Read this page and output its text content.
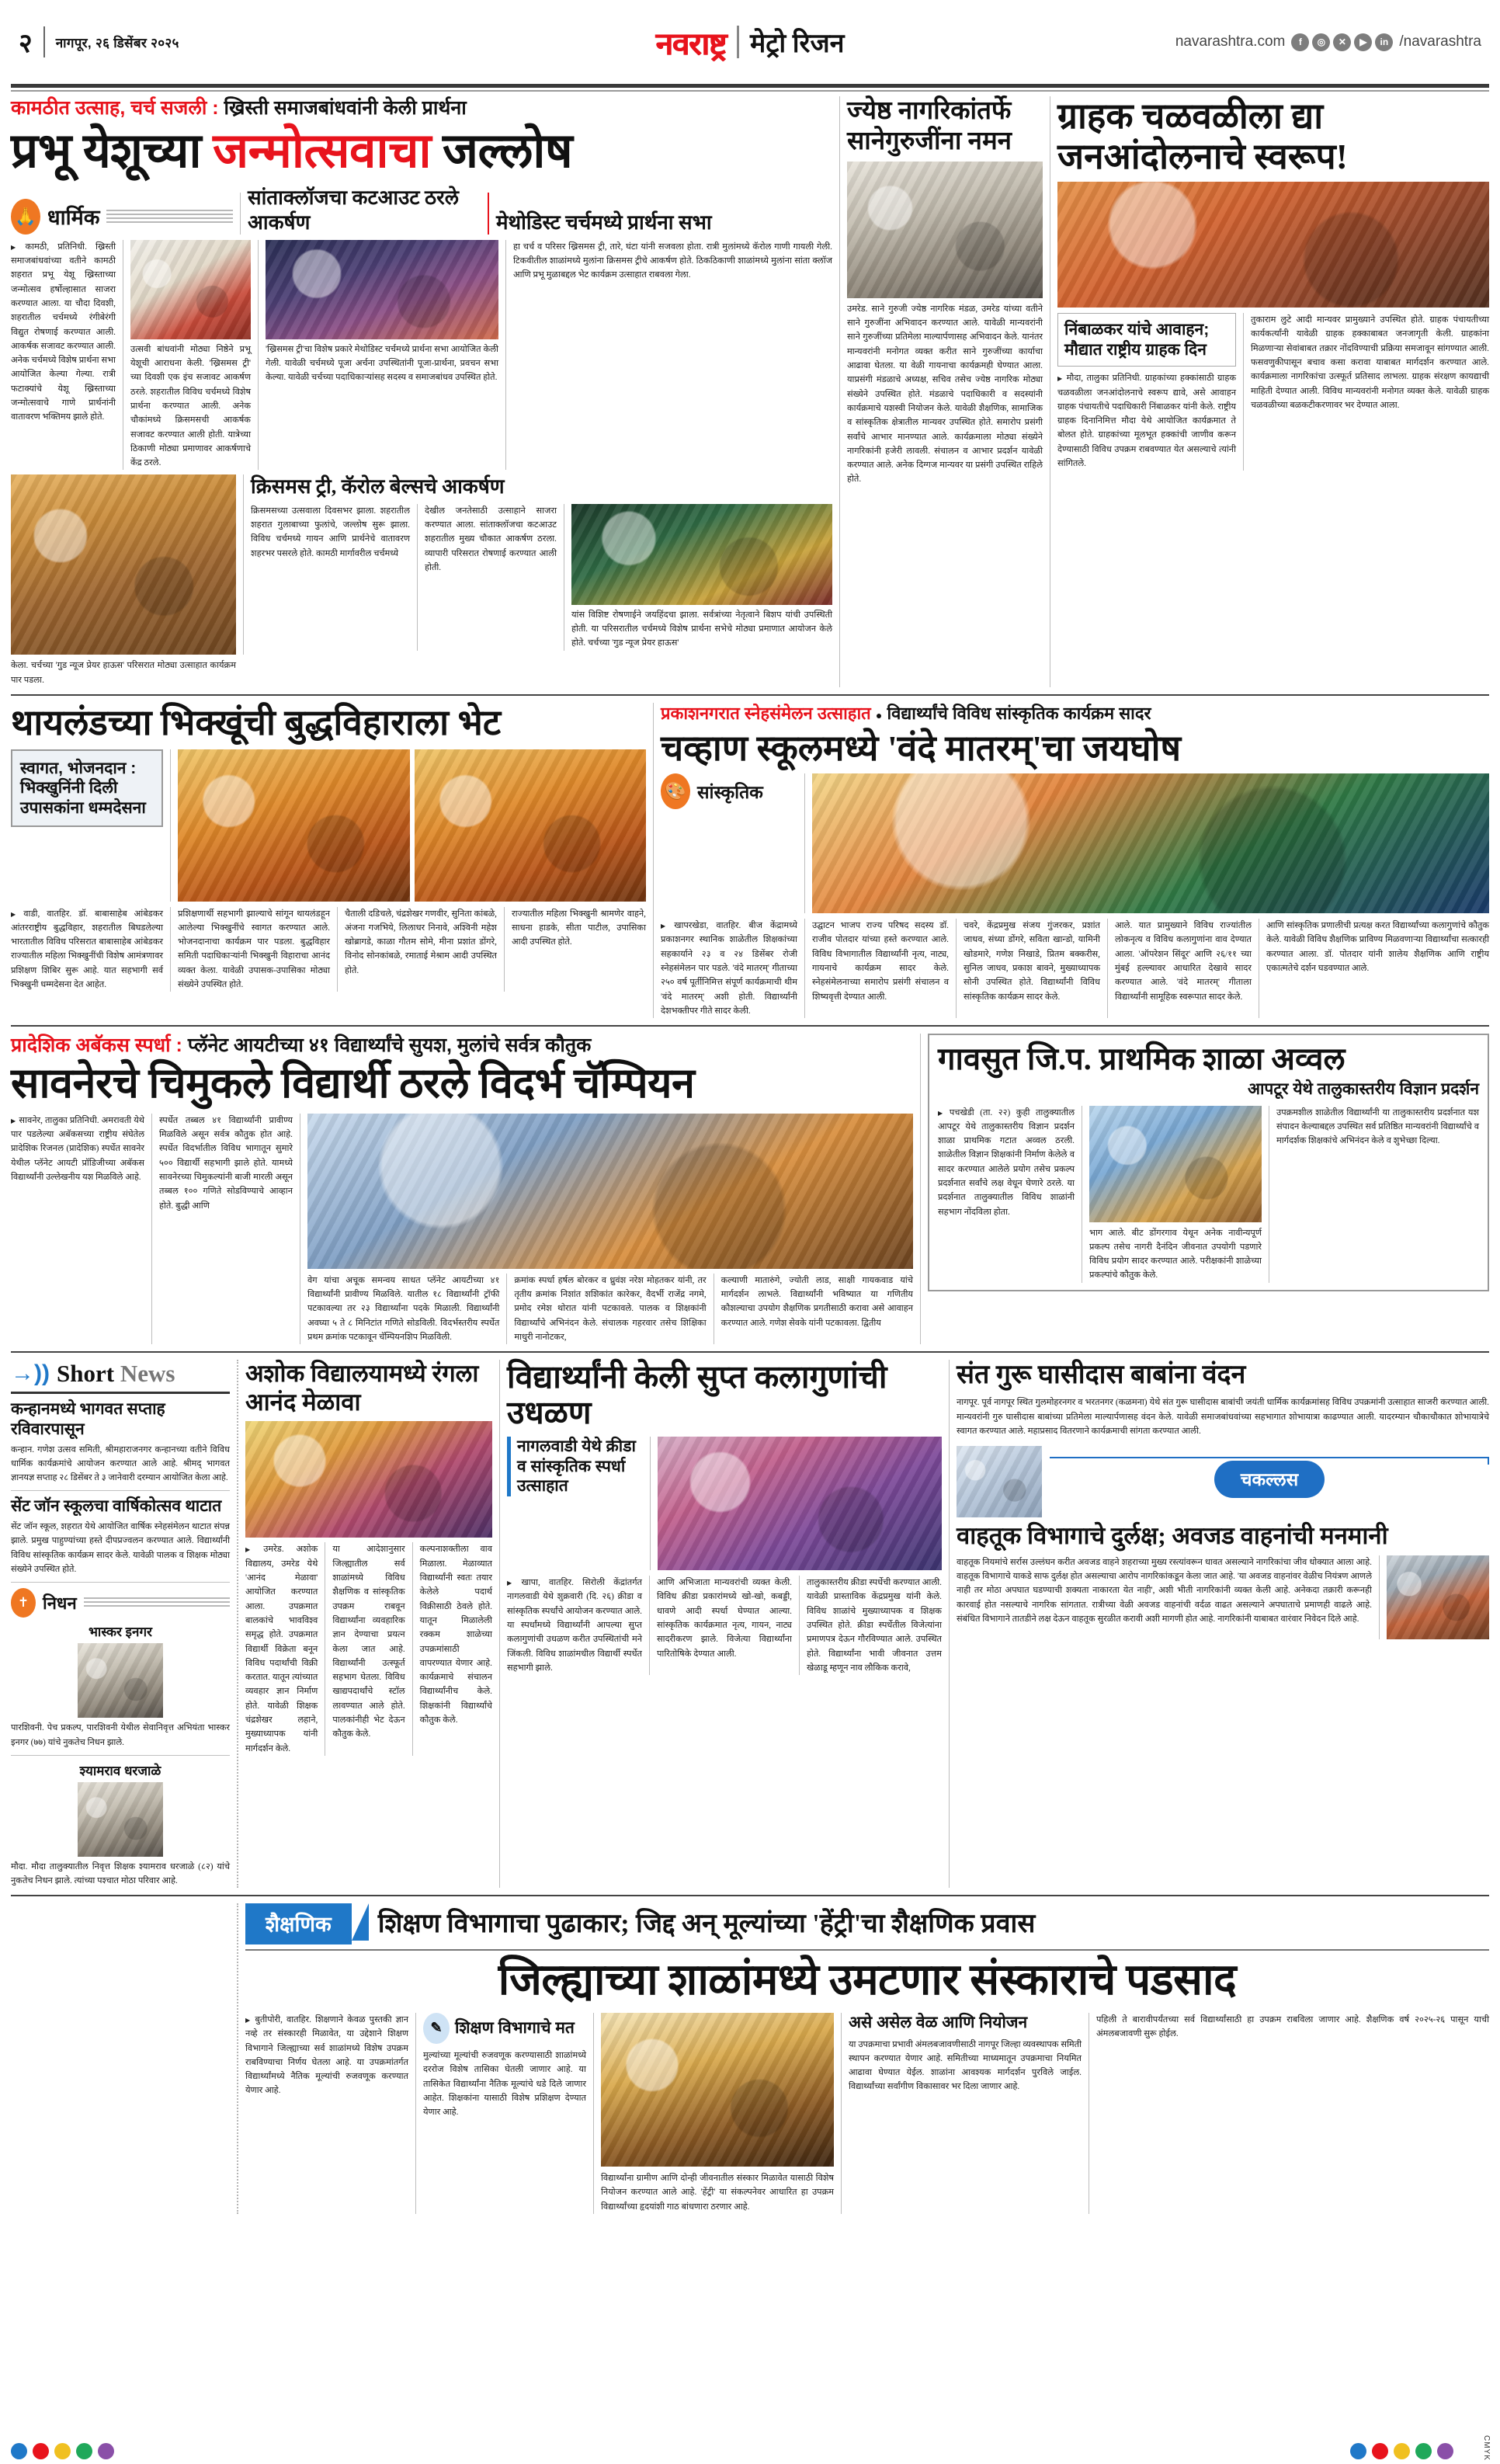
२ नागपूर, २६ डिसेंबर २०२५	नवराष्ट्र मेट्रो रिजन	navarashtra.com	f	◎	✕	▶	in /navarashtra
कामठीत उत्साह, चर्च सजली : ख्रिस्ती समाजबांधवांनी केली प्रार्थना
प्रभू येशूच्या जन्मोत्सवाचा जल्लोष
🙏 धार्मिक
सांताक्लॉजचा कटआउट ठरले आकर्षण	मेथोडिस्ट चर्चमध्ये प्रार्थना सभा
▶ कामठी, प्रतिनिधी. ख्रिस्ती समाजबांधवांच्या वतीने कामठी शहरात प्रभू येशू ख्रिस्ताच्या जन्मोत्सव हर्षोल्हासात साजरा करण्यात आला. या चौदा दिवशी, शहरातील चर्चमध्ये रंगीबेरंगी विद्युत रोषणाई करण्यात आली. आकर्षक सजावट करण्यात आली. अनेक चर्चमध्ये विशेष प्रार्थना सभा आयोजित केल्या गेल्या. रात्री फटाक्यांचे येशू ख्रिस्ताच्या जन्मोत्सवाचे गाणे प्रार्थनांनी वातावरण भक्तिमय झाले होते.
उत्सवी बांधवांनी मोठ्या निष्ठेने प्रभू येशूची आराधना केली. 'ख्रिसमस ट्री' च्या दिवशी एक इंच सजावट आकर्षण ठरले. शहरातील विविध चर्चमध्ये विशेष प्रार्थना करण्यात आली. अनेक चौकांमध्ये क्रिसमसची आकर्षक सजावट करण्यात आली होती. यात्रेच्या ठिकाणी मोठ्या प्रमाणावर आकर्षणाचे केंद्र ठरले.
'ख्रिसमस ट्री'चा विशेष प्रकारे मेथोडिस्ट चर्चमध्ये प्रार्थना सभा आयोजित केली गेली. यावेळी चर्चमध्ये पूजा अर्चना उपस्थितांनी पूजा-प्रार्थना, प्रवचन सभा केल्या. यावेळी चर्चच्या पदाधिकाऱ्यांसह सदस्य व समाजबांधव उपस्थित होते.
हा चर्च व परिसर ख्रिसमस ट्री, तारे, घंटा यांनी सजवला होता. रात्री मुलांमध्ये कॅरोल गाणी गायली गेली. टिकवीतील शाळांमध्ये मुलांना क्रिसमस ट्रीचे आकर्षण होते. ठिकठिकाणी शाळांमध्ये मुलांना सांता क्लॉज आणि प्रभू मुळाबद्दल भेट कार्यक्रम उत्साहात राबवला गेला.
क्रिसमस ट्री, कॅरोल बेल्सचे आकर्षण
क्रिसमसच्या उत्सवाला दिवसभर झाला. शहरातील शहरात गुलाबाच्या फुलांचे, जल्लोष सुरू झाला. विविध चर्चमध्ये गायन आणि प्रार्थनेचे वातावरण शहरभर पसरले होते. कामठी मार्गावरील चर्चमध्ये
देखील जनतेसाठी उत्साहाने साजरा करण्यात आला. सांताक्लॉजचा कटआउट शहरातील मुख्य चौकात आकर्षण ठरला. व्यापारी परिसरात रोषणाई करण्यात आली होती.
यांस विशिष्ट रोषणाईने जयहिंदचा झाला. सर्वत्रांच्या नेतृत्वाने बिशप यांची उपस्थिती होती. या परिसरातील चर्चमध्ये विशेष प्रार्थना सभेचे मोठ्या प्रमाणात आयोजन केले होते. चर्चच्या 'गुड न्यूज प्रेयर हाऊस'
केला. चर्चच्या 'गुड न्यूज प्रेयर हाऊस' परिसरात मोठ्या उत्साहात कार्यक्रम पार पडला.
ज्येष्ठ नागरिकांतर्फे सानेगुरुजींना नमन
उमरेड. साने गुरुजी ज्येष्ठ नागरिक मंडळ, उमरेड यांच्या वतीने साने गुरुजींना अभिवादन करण्यात आले. यावेळी मान्यवरांनी साने गुरुजींच्या प्रतिमेला माल्यार्पणासह अभिवादन केले. यानंतर मान्यवरांनी मनोगत व्यक्त करीत साने गुरुजींच्या कार्याचा आढावा घेतला. या वेळी गायनाचा कार्यक्रमही घेण्यात आला. याप्रसंगी मंडळाचे अध्यक्ष, सचिव तसेच ज्येष्ठ नागरिक मोठ्या संख्येने उपस्थित होते. मंडळाचे पदाधिकारी व सदस्यांनी कार्यक्रमाचे यशस्वी नियोजन केले. यावेळी शैक्षणिक, सामाजिक व सांस्कृतिक क्षेत्रातील मान्यवर उपस्थित होते. समारोप प्रसंगी सर्वांचे आभार मानण्यात आले. कार्यक्रमाला मोठ्या संख्येने नागरिकांनी हजेरी लावली. संचालन व आभार प्रदर्शन यावेळी करण्यात आले. अनेक दिग्गज मान्यवर या प्रसंगी उपस्थित राहिले होते.
ग्राहक चळवळीला द्या जनआंदोलनाचे स्वरूप!
निंबाळकर यांचे आवाहन; मौद्यात राष्ट्रीय ग्राहक दिन
▶ मौदा, तालुका प्रतिनिधी. ग्राहकांच्या हक्कांसाठी ग्राहक चळवळीला जनआंदोलनाचे स्वरूप द्यावे, असे आवाहन ग्राहक पंचायतीचे पदाधिकारी निंबाळकर यांनी केले. राष्ट्रीय ग्राहक दिनानिमित्त मौदा येथे आयोजित कार्यक्रमात ते बोलत होते. ग्राहकांच्या मूलभूत हक्कांची जाणीव करून देण्यासाठी विविध उपक्रम राबवण्यात येत असल्याचे त्यांनी सांगितले.
तुकाराम लुटे आदी मान्यवर प्रामुख्याने उपस्थित होते. ग्राहक पंचायतीच्या कार्यकर्त्यांनी यावेळी ग्राहक हक्काबाबत जनजागृती केली. ग्राहकांना मिळणाऱ्या सेवांबाबत तक्रार नोंदविण्याची प्रक्रिया समजावून सांगण्यात आली. फसवणुकीपासून बचाव कसा करावा याबाबत मार्गदर्शन करण्यात आले. कार्यक्रमाला नागरिकांचा उत्स्फूर्त प्रतिसाद लाभला. ग्राहक संरक्षण कायद्याची माहिती देण्यात आली. विविध मान्यवरांनी मनोगत व्यक्त केले. यावेळी ग्राहक चळवळीच्या बळकटीकरणावर भर देण्यात आला.
थायलंडच्या भिक्खूंची बुद्धविहाराला भेट
स्वागत, भोजनदान : भिक्खुनिंनी दिली उपासकांना धम्मदेसना
▶ वाडी, वातहिर. डॉ. बाबासाहेब आंबेडकर आंतरराष्ट्रीय बुद्धविहार, शहरातील बिघडलेल्या भारतातील विविध परिसरात बाबासाहेब आंबेडकर राज्यातील महिला भिक्खुनींची विशेष आमंत्रणावर प्रशिक्षण शिबिर सुरू आहे. यात सहभागी सर्व भिक्खुनी धम्मदेसना देत आहेत.
प्रशिक्षणार्थी सहभागी झाल्याचे सांगून थायलंडहून आलेल्या भिक्खुनींचे स्वागत करण्यात आले. भोजनदानाचा कार्यक्रम पार पडला. बुद्धविहार समिती पदाधिकाऱ्यांनी भिक्खुनी विहाराचा आनंद व्यक्त केला. यावेळी उपासक-उपासिका मोठ्या संख्येने उपस्थित होते.
चैताली दडिचले, चंद्रशेखर गणवीर, सुनिता कांबळे, अंजना गजभिये, लिलाधर निनावे, अश्विनी महेश खोब्रागडे, काळा गौतम सोमे, मीना प्रशांत डोंगरे, विनोद सोनकांबळे, रमाताई मेश्राम आदी उपस्थित होते.
राज्यातील महिला भिक्खुनी श्रामणेर वाहने, साधना हाडके, सीता पाटील, उपासिका आदी उपस्थित होते.
प्रकाशनगरात स्नेहसंमेलन उत्साहात ● विद्यार्थ्यांचे विविध सांस्कृतिक कार्यक्रम सादर
चव्हाण स्कूलमध्ये 'वंदे मातरम्'चा जयघोष
🎨 सांस्कृतिक
▶ खापरखेडा, वातहिर. बीज केंद्रामध्ये प्रकाशनगर स्थानिक शाळेतील शिक्षकांच्या सहकार्याने २३ व २४ डिसेंबर रोजी स्नेहसंमेलन पार पडले. 'वंदे मातरम्' गीताच्या २५० वर्ष पूर्तीनिमित्त संपूर्ण कार्यक्रमाची थीम 'वंदे मातरम्' अशी होती. विद्यार्थ्यांनी देशभक्तीपर गीते सादर केली.
उद्घाटन भाजप राज्य परिषद सदस्य डॉ. राजीव पोतदार यांच्या हस्ते करण्यात आले. विविध विभागातील विद्यार्थ्यांनी नृत्य, नाट्य, गायनाचे कार्यक्रम सादर केले. स्नेहसंमेलनाच्या समारोप प्रसंगी संचालन व शिष्यवृत्ती देण्यात आली.
चवरे, केंद्रप्रमुख संजय गुंजरकर, प्रशांत जाधव, संध्या डोंगरे, सविता खान्डो, यामिनी खोडमारे, गणेश निखाडे, प्रितम बक्करीस, सुनिल जाधव, प्रकाश बावने, मुख्याध्यापक सोनी उपस्थित होते. विद्यार्थ्यांनी विविध सांस्कृतिक कार्यक्रम सादर केले.
आले. यात प्रामुख्याने विविध राज्यांतील लोकनृत्य व विविध कलागुणांना वाव देण्यात आला. 'ऑपरेशन सिंदूर' आणि २६/११ च्या मुंबई हल्ल्यावर आधारित देखावे सादर करण्यात आले. 'वंदे मातरम्' गीताला विद्यार्थ्यांनी सामूहिक स्वरूपात सादर केले.
आणि सांस्कृतिक प्रणालीची प्रत्यक्ष करत विद्यार्थ्यांच्या कलागुणांचे कौतुक केले. यावेळी विविध शैक्षणिक प्राविण्य मिळवणाऱ्या विद्यार्थ्यांचा सत्कारही करण्यात आला. डॉ. पोतदार यांनी शालेय शैक्षणिक आणि राष्ट्रीय एकात्मतेचे दर्शन घडवण्यात आले.
प्रादेशिक अबॅकस स्पर्धा : प्लॅनेट आयटीच्या ४१ विद्यार्थ्यांचे सुयश, मुलांचे सर्वत्र कौतुक
सावनेरचे चिमुकले विद्यार्थी ठरले विदर्भ चॅम्पियन
▶ सावनेर, तालुका प्रतिनिधी. अमरावती येथे पार पडलेल्या अबॅकसच्या राष्ट्रीय संघेतेल प्रादेशिक रिजनल (प्रादेशिक) स्पर्धेत सावनेर येथील प्लॅनेट आयटी प्रॉडिजीच्या अबॅकस विद्यार्थ्यांनी उल्लेखनीय यश मिळविले आहे.
स्पर्धेत तब्बल ४१ विद्यार्थ्यांनी प्रावीण्य मिळविले असून सर्वत्र कौतुक होत आहे. स्पर्धेत विदर्भातील विविध भागातून सुमारे ५०० विद्यार्थी सहभागी झाले होते. यामध्ये सावनेरच्या चिमुकल्यांनी बाजी मारली असून तब्बल १०० गणिते सोडविण्याचे आव्हान होते. बुद्धी आणि
वेग यांचा अचूक समन्वय साधत प्लॅनेट आयटीच्या ४१ विद्यार्थ्यांनी प्रावीण्य मिळविले. यातील १८ विद्यार्थ्यांनी ट्रॉफी पटकावल्या तर २३ विद्यार्थ्यांना पदके मिळाली. विद्यार्थ्यांनी अवघ्या ५ ते ८ मिनिटांत गणिते सोडविली. विदर्भस्तरीय स्पर्धेत प्रथम क्रमांक पटकावून चॅम्पियनशिप मिळविली.
क्रमांक स्पर्धा हर्षल बोरकर व ध्रुवंश नरेश मोहतकर यांनी, तर तृतीय क्रमांक निशांत शशिकांत कारेकर, वैदर्भी राजेंद्र नगमे, प्रमोद रमेश थोरात यांनी पटकावले. पालक व शिक्षकांनी विद्यार्थ्यांचे अभिनंदन केले. संचालक गहरवार तसेच शिक्षिका माधुरी नानोटकर,
कल्याणी मातारुंगे, ज्योती लाड, साक्षी गायकवाड यांचे मार्गदर्शन लाभले. विद्यार्थ्यांनी भविष्यात या गणितीय कौशल्याचा उपयोग शैक्षणिक प्रगतीसाठी करावा असे आवाहन करण्यात आले. गणेश सेवके यांनी पटकावला. द्वितीय
गावसुत जि.प. प्राथमिक शाळा अव्वल
आपटूर येथे तालुकास्तरीय विज्ञान प्रदर्शन
▶ पचखेडी (ता. २२) कुही तालुक्यातील आपटूर येथे तालुकास्तरीय विज्ञान प्रदर्शन शाळा प्राथमिक गटात अव्वल ठरली. शाळेतील विज्ञान शिक्षकांनी निर्माण केलेले व सादर करण्यात आलेले प्रयोग तसेच प्रकल्प प्रदर्शनात सर्वांचे लक्ष वेधून घेणारे ठरले. या प्रदर्शनात तालुक्यातील विविध शाळांनी सहभाग नोंदविला होता.
भाग आले. बीट डोंगरगाव येथून अनेक नावीन्यपूर्ण प्रकल्प तसेच नागरी दैनंदिन जीवनात उपयोगी पडणारे विविध प्रयोग सादर करण्यात आले. परीक्षकांनी शाळेच्या प्रकल्पांचे कौतुक केले.
उपक्रमशील शाळेतील विद्यार्थ्यांनी या तालुकास्तरीय प्रदर्शनात यश संपादन केल्याबद्दल उपस्थित सर्व प्रतिष्ठित मान्यवरांनी विद्यार्थ्यांचे व मार्गदर्शक शिक्षकांचे अभिनंदन केले व शुभेच्छा दिल्या.
→)) Short News
कन्हानमध्ये भागवत सप्ताह रविवारपासून
कन्हान. गणेश उत्सव समिती, श्रीमहाराजनगर कन्हानच्या वतीने विविध धार्मिक कार्यक्रमांचे आयोजन करण्यात आले आहे. श्रीमद् भागवत ज्ञानयज्ञ सप्ताह २८ डिसेंबर ते ३ जानेवारी दरम्यान आयोजित केला आहे.
सेंट जॉन स्कूलचा वार्षिकोत्सव थाटात
सेंट जॉन स्कूल, शहरात येथे आयोजित वार्षिक स्नेहसंमेलन थाटात संपन्न झाले. प्रमुख पाहुण्यांच्या हस्ते दीपप्रज्वलन करण्यात आले. विद्यार्थ्यांनी विविध सांस्कृतिक कार्यक्रम सादर केले. यावेळी पालक व शिक्षक मोठ्या संख्येने उपस्थित होते.
✝ निधन
भास्कर इनगर
पारशिवनी. पेच प्रकल्प, पारशिवनी येथील सेवानिवृत्त अभियंता भास्कर इनगर (७७) यांचे नुकतेच निधन झाले.
श्यामराव धरजाळे
मौदा. मौदा तालुक्यातील निवृत्त शिक्षक श्यामराव धरजाळे (८२) यांचे नुकतेच निधन झाले. त्यांच्या पश्चात मोठा परिवार आहे.
अशोक विद्यालयामध्ये रंगला आनंद मेळावा
▶ उमरेड. अशोक विद्यालय, उमरेड येथे 'आनंद मेळावा' आयोजित करण्यात आला. उपक्रमात बालकांचे भावविश्व समृद्ध होते. उपक्रमात विद्यार्थी विक्रेता बनून विविध पदार्थांची विक्री करतात. यातून त्यांच्यात व्यवहार ज्ञान निर्माण होते. यावेळी शिक्षक चंद्रशेखर लहाने, मुख्याध्यापक यांनी मार्गदर्शन केले.
या आदेशानुसार जिल्ह्यातील सर्व शाळांमध्ये विविध शैक्षणिक व सांस्कृतिक उपक्रम राबवून विद्यार्थ्यांना व्यवहारिक ज्ञान देण्याचा प्रयत्न केला जात आहे. विद्यार्थ्यांनी उत्स्फूर्त सहभाग घेतला. विविध खाद्यपदार्थांचे स्टॉल लावण्यात आले होते. पालकांनीही भेट देऊन कौतुक केले.
कल्पनाशक्तीला वाव मिळाला. मेळाव्यात विद्यार्थ्यांनी स्वतः तयार केलेले पदार्थ विक्रीसाठी ठेवले होते. यातून मिळालेली रक्कम शाळेच्या उपक्रमांसाठी वापरण्यात येणार आहे. कार्यक्रमाचे संचालन विद्यार्थ्यांनीच केले. शिक्षकांनी विद्यार्थ्यांचे कौतुक केले.
विद्यार्थ्यांनी केली सुप्त कलागुणांची उधळण
नागलवाडी येथे क्रीडा व सांस्कृतिक स्पर्धा उत्साहात
▶ खापा, वातहिर. सिरोली केंद्रांतर्गत नागलवाडी येथे शुक्रवारी (दि. २६) क्रीडा व सांस्कृतिक स्पर्धांचे आयोजन करण्यात आले. या स्पर्धांमध्ये विद्यार्थ्यांनी आपल्या सुप्त कलागुणांची उधळण करीत उपस्थितांची मने जिंकली. विविध शाळांमधील विद्यार्थी स्पर्धेत सहभागी झाले.
आणि अभिजाता मान्यवरांची व्यक्त केली. विविध क्रीडा प्रकारांमध्ये खो-खो, कबड्डी, धावणे आदी स्पर्धा घेण्यात आल्या. सांस्कृतिक कार्यक्रमात नृत्य, गायन, नाट्य सादरीकरण झाले. विजेत्या विद्यार्थ्यांना पारितोषिके देण्यात आली.
तालुकास्तरीय क्रीडा स्पर्धेची करण्यात आली. यावेळी प्रास्ताविक केंद्रप्रमुख यांनी केले. विविध शाळांचे मुख्याध्यापक व शिक्षक उपस्थित होते. क्रीडा स्पर्धेतील विजेत्यांना प्रमाणपत्र देऊन गौरविण्यात आले. उपस्थित होते. विद्यार्थ्यांना भावी जीवनात उत्तम खेळाडू म्हणून नाव लौकिक करावे,
संत गुरू घासीदास बाबांना वंदन
नागपूर. पूर्व नागपूर स्थित गुलमोहरनगर व भरतनगर (कळमना) येथे संत गुरू घासीदास बाबांची जयंती धार्मिक कार्यक्रमांसह विविध उपक्रमांनी उत्साहात साजरी करण्यात आली. मान्यवरांनी गुरु घासीदास बाबांच्या प्रतिमेला माल्यार्पणासह वंदन केले. यावेळी समाजबांधवांच्या सहभागात शोभायात्रा काढण्यात आली. यादरम्यान चौकाचौकात शोभायात्रेचे स्वागत करण्यात आले. महाप्रसाद वितरणाने कार्यक्रमाची सांगता करण्यात आली.
चकल्लस
वाहतूक विभागाचे दुर्लक्ष; अवजड वाहनांची मनमानी
वाहतूक नियमांचे सर्रास उल्लंघन करीत अवजड वाहने शहराच्या मुख्य रस्त्यांवरून धावत असल्याने नागरिकांचा जीव धोक्यात आला आहे. वाहतूक विभागाचे याकडे साफ दुर्लक्ष होत असल्याचा आरोप नागरिकांकडून केला जात आहे. 'या अवजड वाहनांवर वेळीच नियंत्रण आणले नाही तर मोठा अपघात घडण्याची शक्यता नाकारता येत नाही', अशी भीती नागरिकांनी व्यक्त केली आहे. अनेकदा तक्रारी करूनही कारवाई होत नसल्याचे नागरिक सांगतात. रात्रीच्या वेळी अवजड वाहनांची वर्दळ वाढत असल्याने अपघाताचे प्रमाणही वाढले आहे. संबंधित विभागाने तातडीने लक्ष देऊन वाहतूक सुरळीत करावी अशी मागणी होत आहे. नागरिकांनी याबाबत वारंवार निवेदन दिले आहे.
शैक्षणिक	शिक्षण विभागाचा पुढाकार; जिद्द अन् मूल्यांच्या 'हेंट्री'चा शैक्षणिक प्रवास
जिल्ह्याच्या शाळांमध्ये उमटणार संस्काराचे पडसाद
▶ बुतीपोरी, वातहिर. शिक्षणाने केवळ पुस्तकी ज्ञान नव्हे तर संस्कारही मिळावेत, या उद्देशाने शिक्षण विभागाने जिल्ह्याच्या सर्व शाळांमध्ये विशेष उपक्रम राबविण्याचा निर्णय घेतला आहे. या उपक्रमांतर्गत विद्यार्थ्यांमध्ये नैतिक मूल्यांची रुजवणूक करण्यात येणार आहे.
✎ शिक्षण विभागाचे मत
मुल्यांच्या मूल्यांची रुजवणूक करण्यासाठी शाळांमध्ये दररोज विशेष तासिका घेतली जाणार आहे. या तासिकेत विद्यार्थ्यांना नैतिक मूल्यांचे धडे दिले जाणार आहेत. शिक्षकांना यासाठी विशेष प्रशिक्षण देण्यात येणार आहे.
विद्यार्थ्यांना ग्रामीण आणि दोन्ही जीवनातील संस्कार मिळावेत यासाठी विशेष नियोजन करण्यात आले आहे. 'हेंट्री' या संकल्पनेवर आधारित हा उपक्रम विद्यार्थ्यांच्या हृदयांशी गाठ बांधणारा ठरणार आहे.
असे असेल वेळ आणि नियोजन
या उपक्रमाचा प्रभावी अंमलबजावणीसाठी नागपूर जिल्हा व्यवस्थापक समिती स्थापन करण्यात येणार आहे. समितीच्या माध्यमातून उपक्रमाचा नियमित आढावा घेण्यात येईल. शाळांना आवश्यक मार्गदर्शन पुरविले जाईल. विद्यार्थ्यांच्या सर्वांगीण विकासावर भर दिला जाणार आहे.
पहिली ते बारावीपर्यंतच्या सर्व विद्यार्थ्यांसाठी हा उपक्रम राबविला जाणार आहे. शैक्षणिक वर्ष २०२५-२६ पासून याची अंमलबजावणी सुरू होईल.
CMYK
